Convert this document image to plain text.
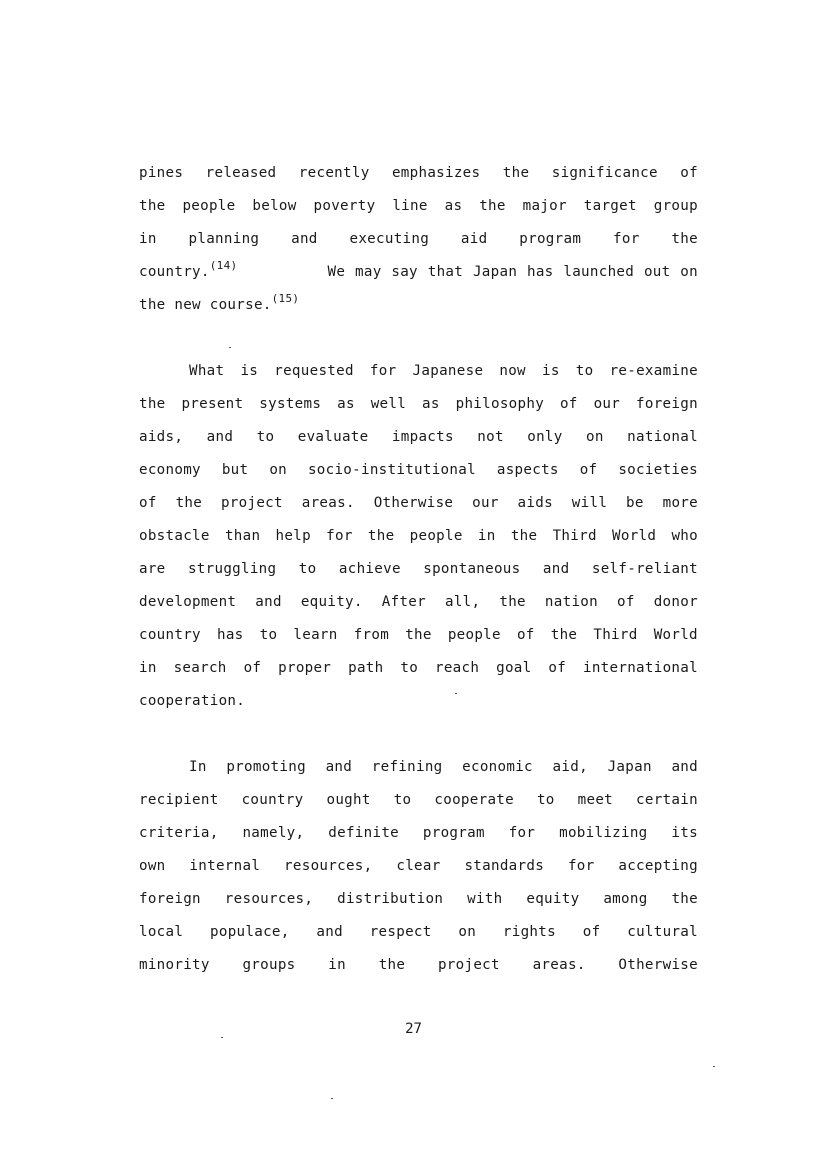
pines released recently emphasizes the significance of
the people below poverty line as the major target group
in planning and executing aid program for the
country.(14)	We may say that Japan has launched out on
the new course.(15)
What is requested for Japanese now is to re-examine
the present systems as well as philosophy of our foreign
aids, and to evaluate impacts not only on national
economy but on socio-institutional aspects of societies
of the project areas. Otherwise our aids will be more
obstacle than help for the people in the Third World who
are struggling to achieve spontaneous and self-reliant
development and equity. After all, the nation of donor
country has to learn from the people of the Third World
in search of proper path to reach goal of international
cooperation.
In promoting and refining economic aid, Japan and
recipient country ought to cooperate to meet certain
criteria, namely, definite program for mobilizing its
own internal resources, clear standards for accepting
foreign resources, distribution with equity among the
local populace, and respect on rights of cultural
minority groups in the project areas. Otherwise
27
